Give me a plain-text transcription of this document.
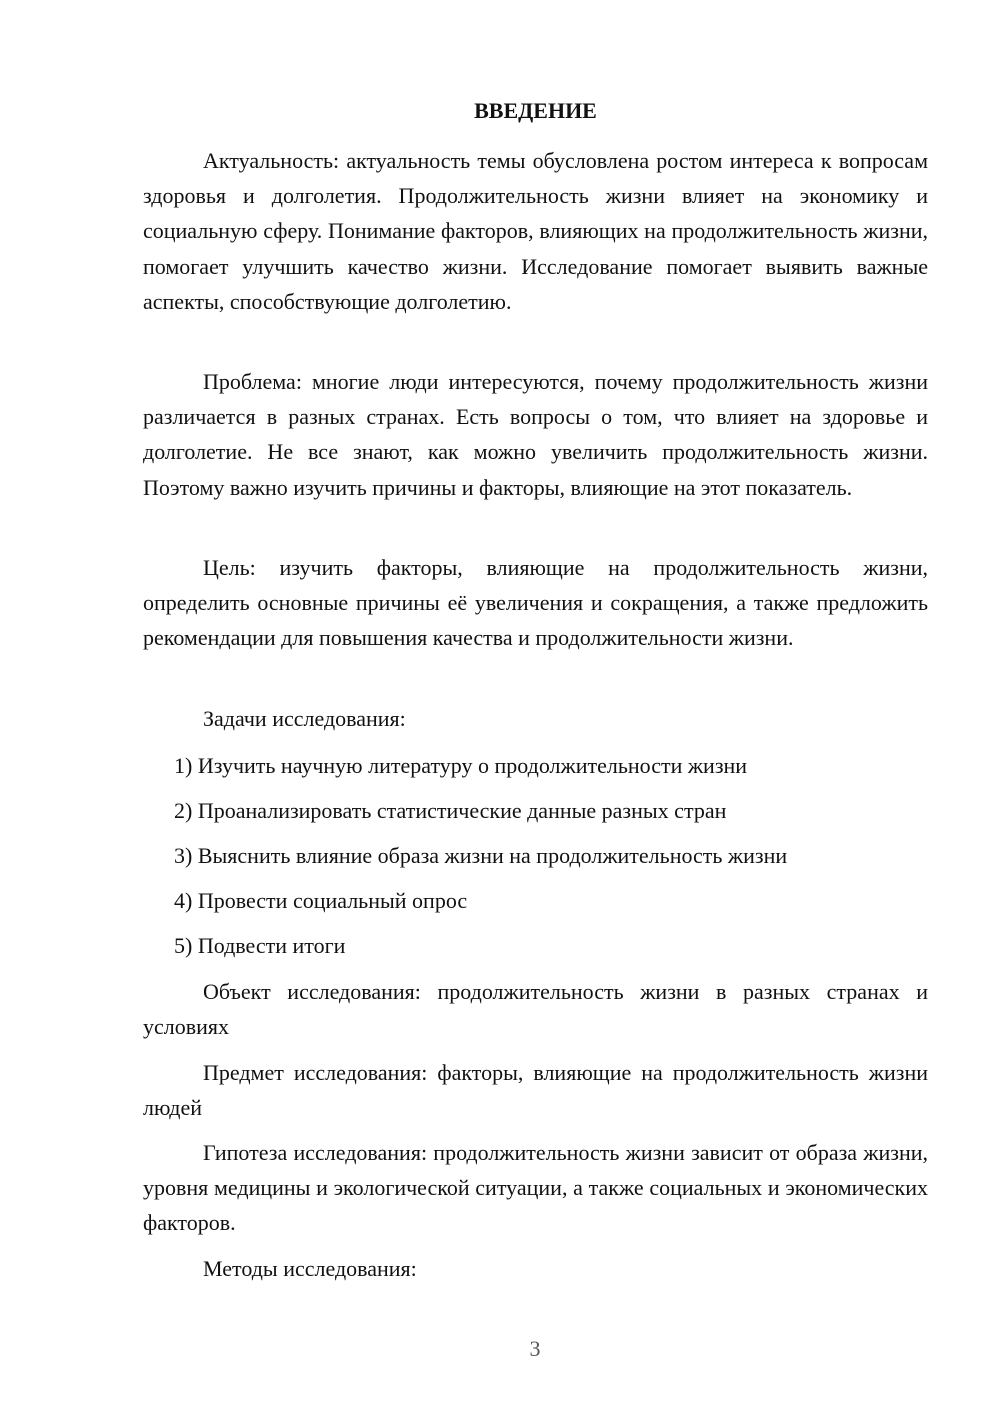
ВВЕДЕНИЕ

Актуальность: актуальность темы обусловлена ростом интереса к вопросам здоровья и долголетия. Продолжительность жизни влияет на экономику и социальную сферу. Понимание факторов, влияющих на продолжительность жизни, помогает улучшить качество жизни. Исследование помогает выявить важные аспекты, способствующие долголетию.

Проблема: многие люди интересуются, почему продолжительность жизни различается в разных странах. Есть вопросы о том, что влияет на здоровье и долголетие. Не все знают, как можно увеличить продолжительность жизни. Поэтому важно изучить причины и факторы, влияющие на этот показатель.

Цель: изучить факторы, влияющие на продолжительность жизни, определить основные причины её увеличения и сокращения, а также предложить рекомендации для повышения качества и продолжительности жизни.

Задачи исследования:

1) Изучить научную литературу о продолжительности жизни

2) Проанализировать статистические данные разных стран

3) Выяснить влияние образа жизни на продолжительность жизни

4) Провести социальный опрос

5) Подвести итоги

Объект исследования: продолжительность жизни в разных странах и условиях

Предмет исследования: факторы, влияющие на продолжительность жизни людей

Гипотеза исследования: продолжительность жизни зависит от образа жизни, уровня медицины и экологической ситуации, а также социальных и экономических факторов.

Методы исследования:

3
